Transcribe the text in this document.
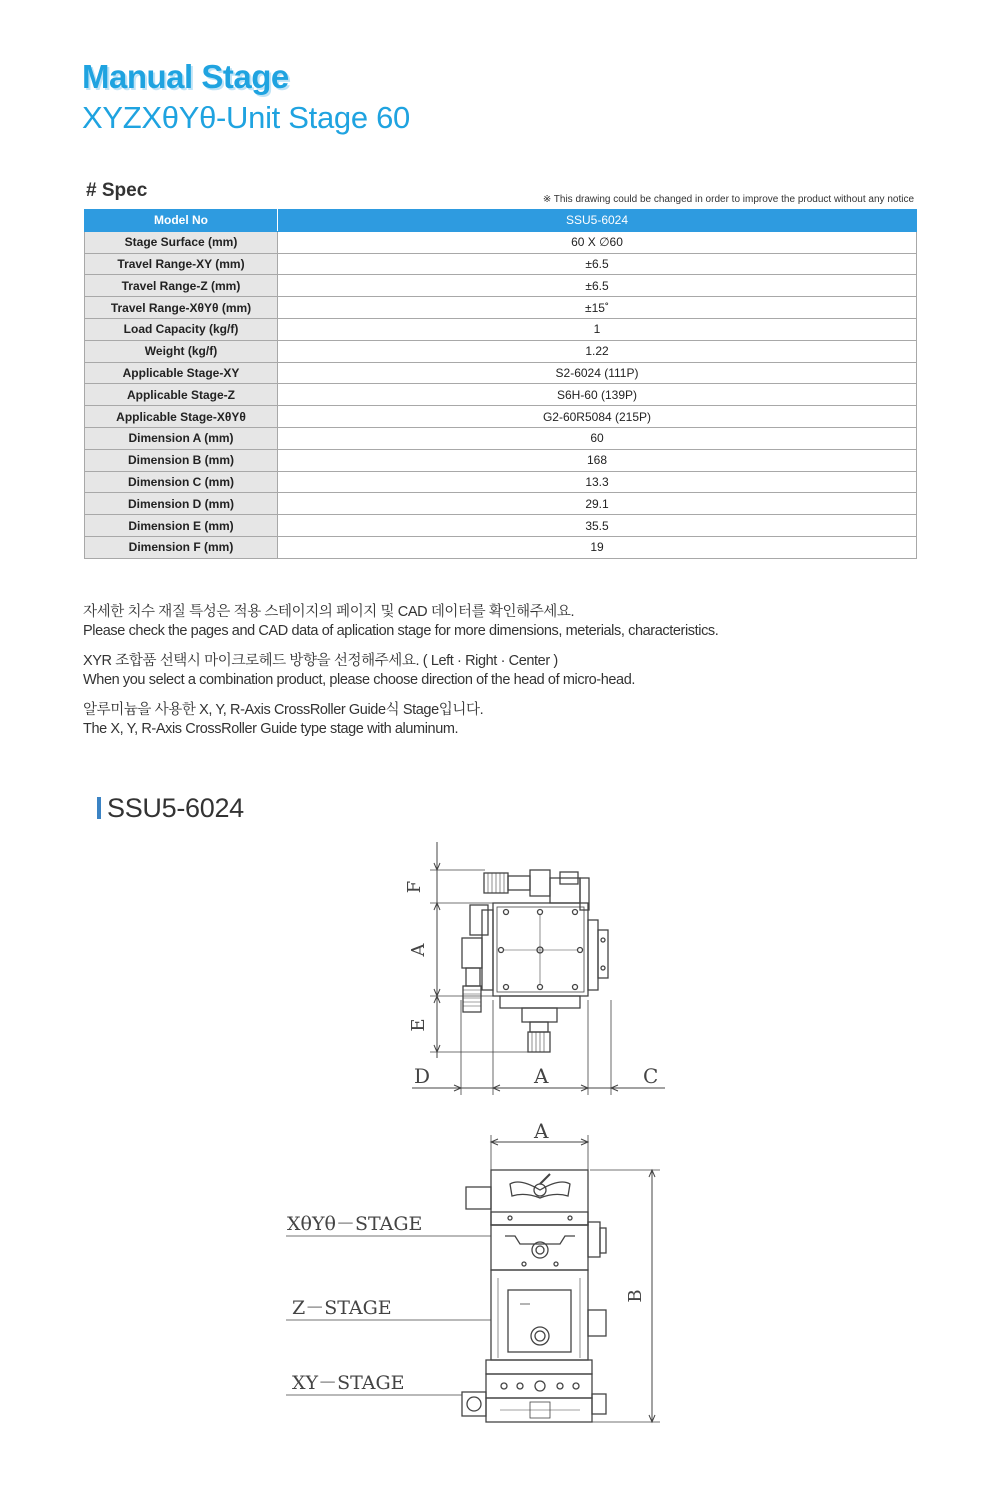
Manual Stage
XYZXθYθ-Unit Stage 60
# Spec	※ This drawing could be changed in order to improve the product without any notice
Model No	SSU5-6024
Stage Surface (mm)	60 X ∅60
Travel Range-XY (mm)	±6.5
Travel Range-Z (mm)	±6.5
Travel Range-XθYθ (mm)	±15˚
Load Capacity (kg/f)	1
Weight (kg/f)	1.22
Applicable Stage-XY	S2-6024 (111P)
Applicable Stage-Z	S6H-60 (139P)
Applicable Stage-XθYθ	G2-60R5084 (215P)
Dimension A (mm)	60
Dimension B (mm)	168
Dimension C (mm)	13.3
Dimension D (mm)	29.1
Dimension E (mm)	35.5
Dimension F (mm)	19

자세한 치수 재질 특성은 적용 스테이지의 페이지 및 CAD 데이터를 확인해주세요.
Please check the pages and CAD data of aplication stage for more dimensions, meterials, characteristics.

XYR 조합품 선택시 마이크로헤드 방향을 선정해주세요. ( Left · Right · Center )
When you select a combination product, please choose direction of the head of micro-head.

알루미늄을 사용한 X, Y, R-Axis CrossRoller Guide식 Stage입니다.
The X, Y, R-Axis CrossRoller Guide type stage with aluminum.

SSU5-6024
F
A
E
D	A	C
A
B
XθYθ－STAGE
Z－STAGE
XY－STAGE
